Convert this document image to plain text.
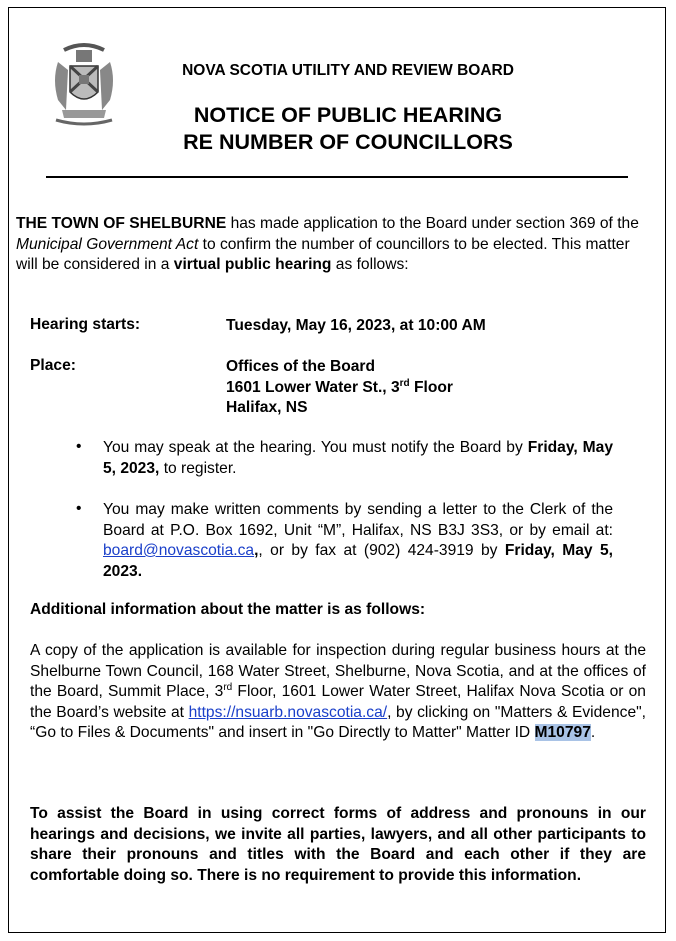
NOVA SCOTIA UTILITY AND REVIEW BOARD
NOTICE OF PUBLIC HEARING
RE NUMBER OF COUNCILLORS
THE TOWN OF SHELBURNE has made application to the Board under section 369 of the Municipal Government Act to confirm the number of councillors to be elected. This matter will be considered in a virtual public hearing as follows:
Hearing starts:	Tuesday, May 16, 2023, at 10:00 AM
Place:	Offices of the Board
1601 Lower Water St., 3rd Floor
Halifax, NS
• You may speak at the hearing. You must notify the Board by Friday, May 5, 2023, to register.
• You may make written comments by sending a letter to the Clerk of the Board at P.O. Box 1692, Unit “M”, Halifax, NS B3J 3S3, or by email at: board@novascotia.ca,, or by fax at (902) 424-3919 by Friday, May 5, 2023.
Additional information about the matter is as follows:
A copy of the application is available for inspection during regular business hours at the Shelburne Town Council, 168 Water Street, Shelburne, Nova Scotia, and at the offices of the Board, Summit Place, 3rd Floor, 1601 Lower Water Street, Halifax Nova Scotia or on the Board’s website at https://nsuarb.novascotia.ca/, by clicking on "Matters & Evidence", “Go to Files & Documents" and insert in "Go Directly to Matter" Matter ID M10797.
To assist the Board in using correct forms of address and pronouns in our hearings and decisions, we invite all parties, lawyers, and all other participants to share their pronouns and titles with the Board and each other if they are comfortable doing so. There is no requirement to provide this information.
